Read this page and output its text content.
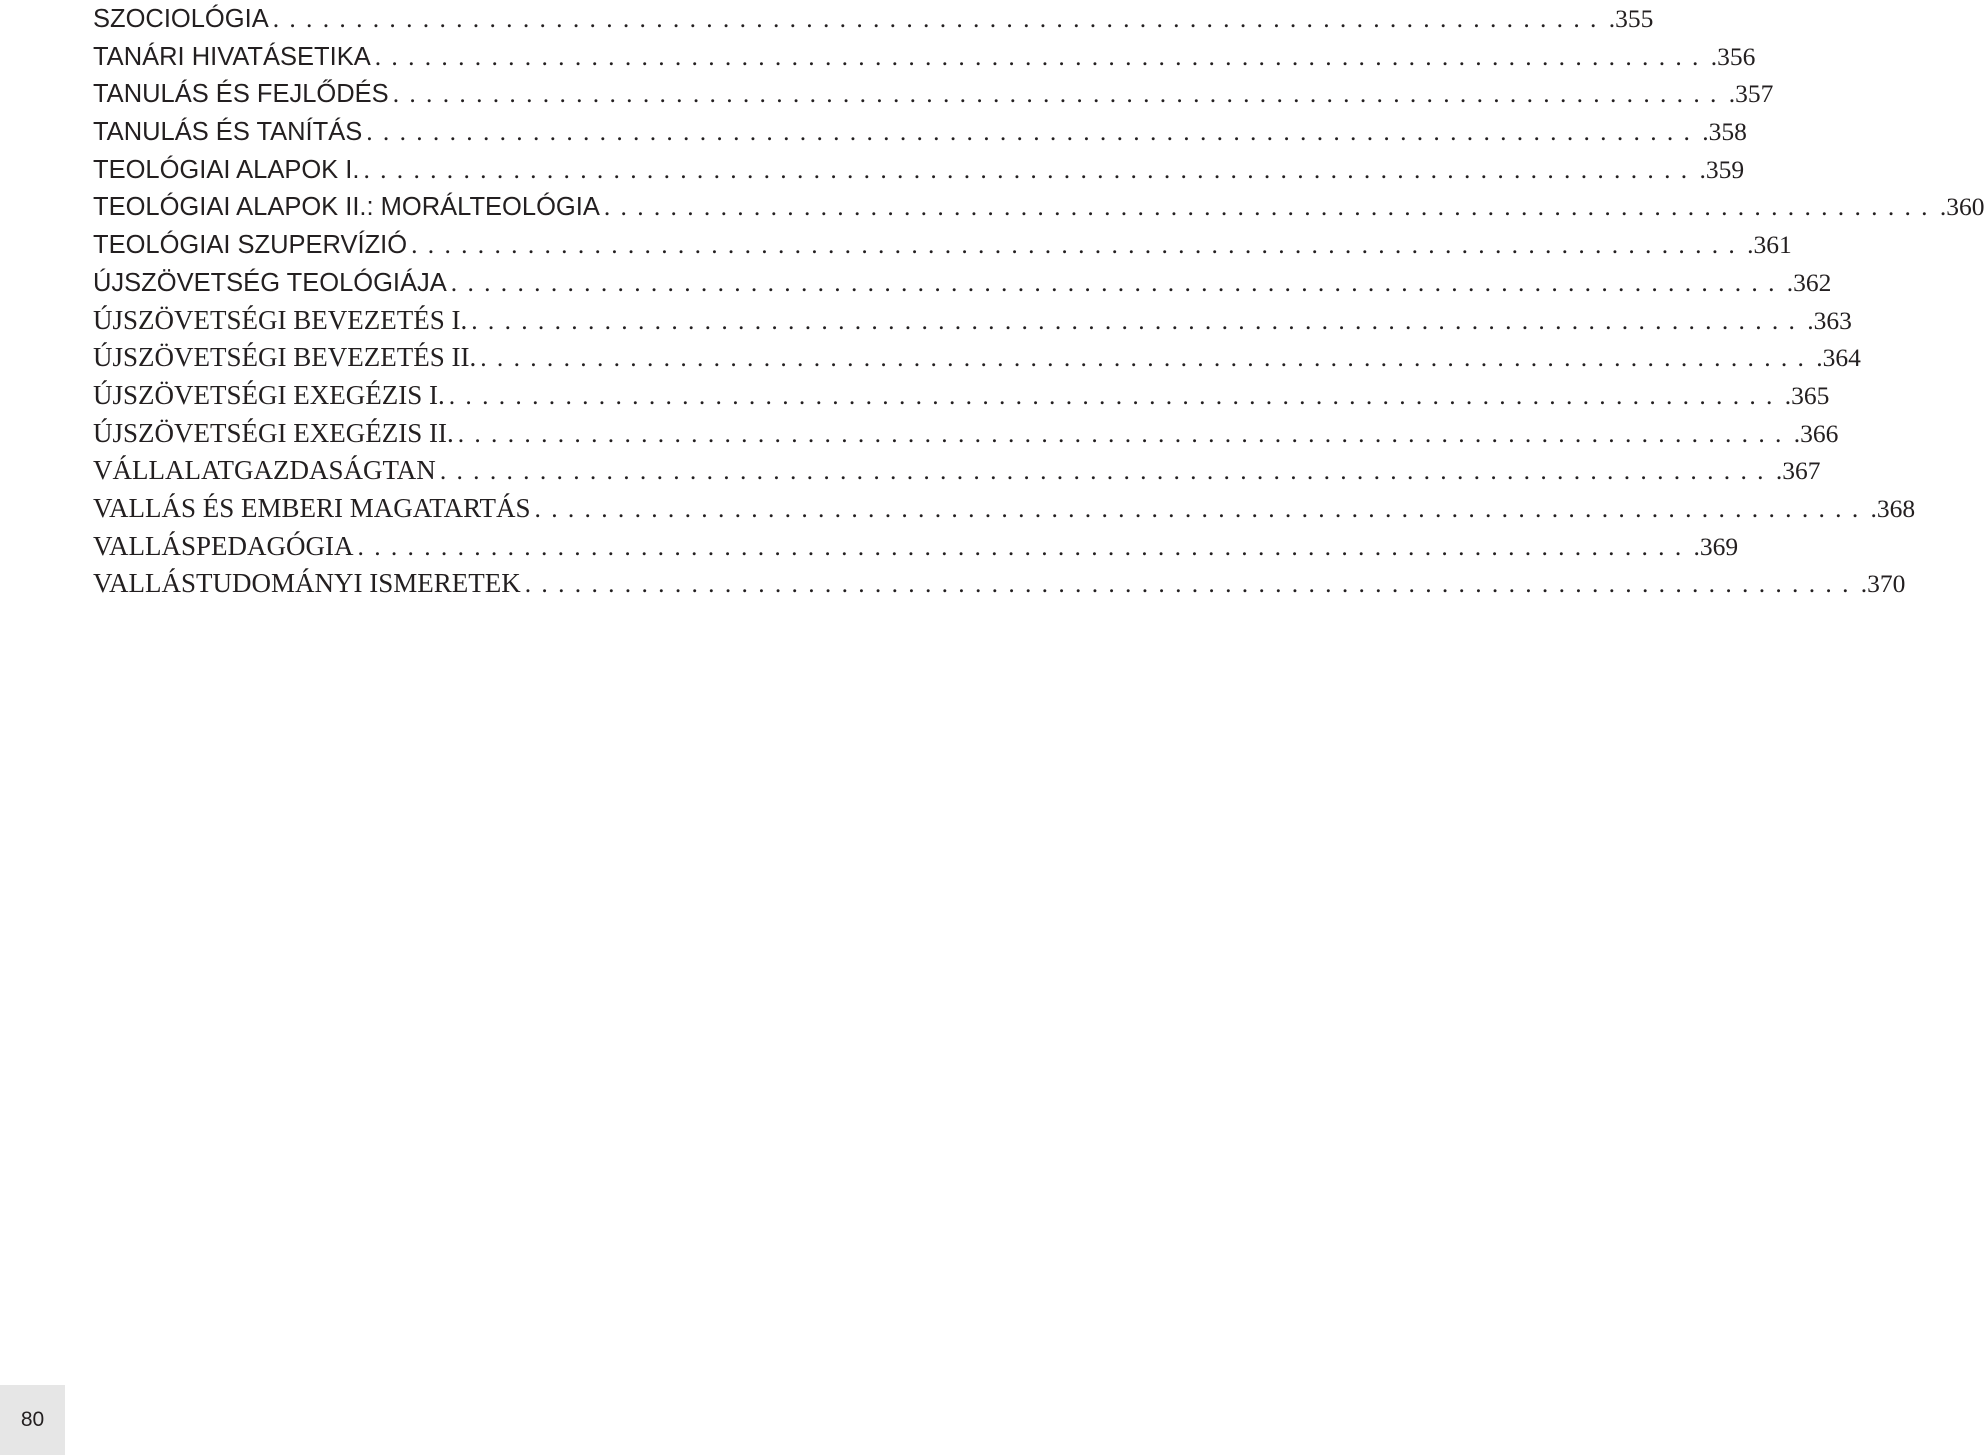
SZOCIOLÓGIA ................................................................................ .355
TANÁRI HIVATÁSETIKA ................................................................................ .356
TANULÁS ÉS FEJLŐDÉS ................................................................................ .357
TANULÁS ÉS TANÍTÁS ................................................................................ .358
TEOLÓGIAI ALAPOK I. ................................................................................ .359
TEOLÓGIAI ALAPOK II.: MORÁLTEOLÓGIA ................................................................................ .360
TEOLÓGIAI SZUPERVÍZIÓ ................................................................................ .361
ÚJSZÖVETSÉG TEOLÓGIÁJA ................................................................................ .362
ÚJSZÖVETSÉGI BEVEZETÉS I. ................................................................................ .363
ÚJSZÖVETSÉGI BEVEZETÉS II. ................................................................................ .364
ÚJSZÖVETSÉGI EXEGÉZIS I. ................................................................................ .365
ÚJSZÖVETSÉGI EXEGÉZIS II. ................................................................................ .366
VÁLLALATGAZDASÁGTAN ................................................................................ .367
VALLÁS ÉS EMBERI MAGATARTÁS ................................................................................ .368
VALLÁSPEDAGÓGIA ................................................................................ .369
VALLÁSTUDOMÁNYI ISMERETEK ................................................................................ .370
80
